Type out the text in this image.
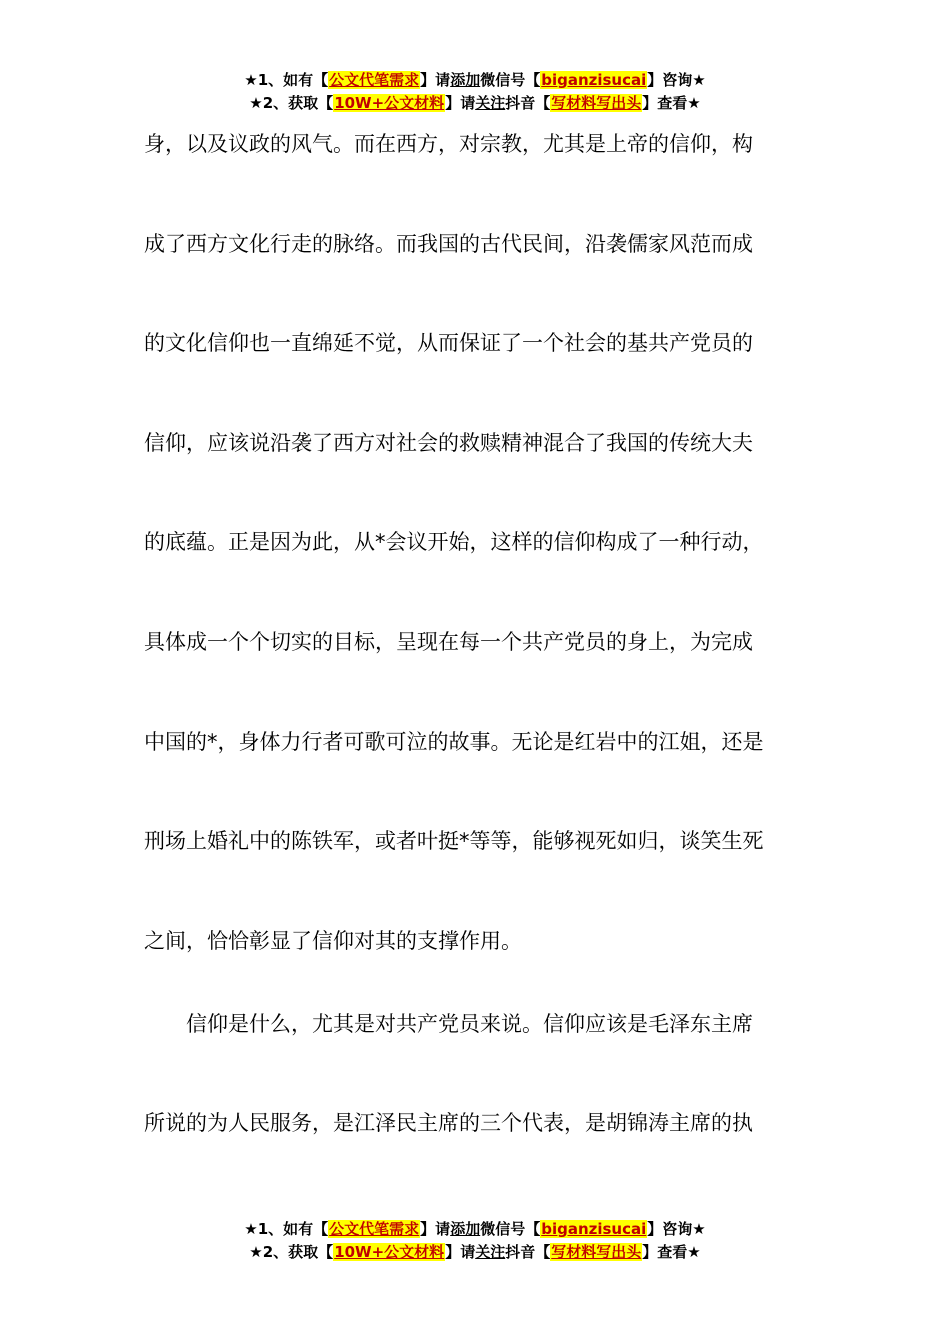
★1、如有【公文代笔需求】请添加微信号【biganzisucai】咨询★
★2、获取【10W+公文材料】请关注抖音【写材料写出头】查看★
身，以及议政的风气。而在西方，对宗教，尤其是上帝的信仰，构
成了西方文化行走的脉络。而我国的古代民间，沿袭儒家风范而成
的文化信仰也一直绵延不觉，从而保证了一个社会的基共产党员的
信仰，应该说沿袭了西方对社会的救赎精神混合了我国的传统大夫
的底蕴。正是因为此，从*会议开始，这样的信仰构成了一种行动，
具体成一个个切实的目标，呈现在每一个共产党员的身上，为完成
中国的*，身体力行者可歌可泣的故事。无论是红岩中的江姐，还是
刑场上婚礼中的陈铁军，或者叶挺*等等，能够视死如归，谈笑生死
之间，恰恰彰显了信仰对其的支撑作用。
　　信仰是什么，尤其是对共产党员来说。信仰应该是毛泽东主席
所说的为人民服务，是江泽民主席的三个代表，是胡锦涛主席的执
★1、如有【公文代笔需求】请添加微信号【biganzisucai】咨询★
★2、获取【10W+公文材料】请关注抖音【写材料写出头】查看★
